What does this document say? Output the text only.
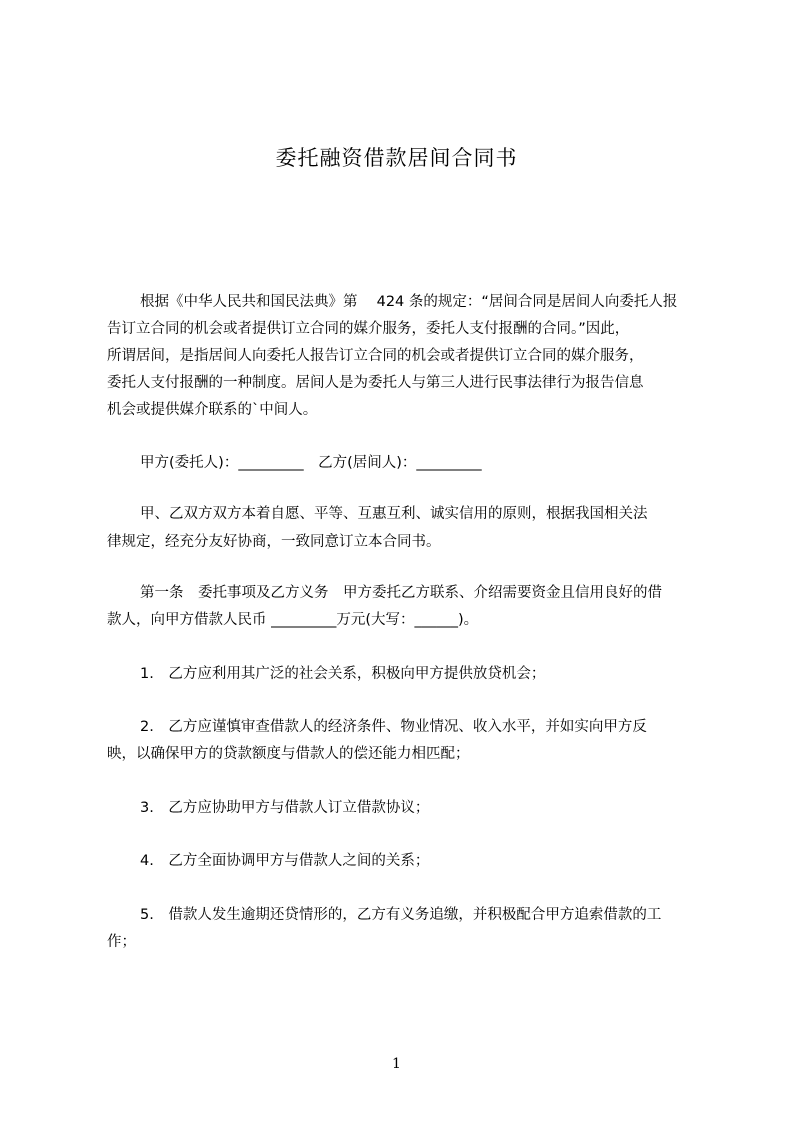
委托融资借款居间合同书
根据《中华人民共和国民法典》第　 424 条的规定：“居间合同是居间人向委托人报
告订立合同的机会或者提供订立合同的媒介服务，委托人支付报酬的合同。”因此，
所谓居间，是指居间人向委托人报告订立合同的机会或者提供订立合同的媒介服务，
委托人支付报酬的一种制度。居间人是为委托人与第三人进行民事法律行为报告信息
机会或提供媒介联系的`中间人。
甲方(委托人)：_________　乙方(居间人)：_________
甲、乙双方双方本着自愿、平等、互惠互利、诚实信用的原则，根据我国相关法
律规定，经充分友好协商，一致同意订立本合同书。
第一条　委托事项及乙方义务　甲方委托乙方联系、介绍需要资金且信用良好的借
款人，向甲方借款人民币 _________万元(大写：______)。
1.　乙方应利用其广泛的社会关系，积极向甲方提供放贷机会；
2.　乙方应谨慎审查借款人的经济条件、物业情况、收入水平，并如实向甲方反
映，以确保甲方的贷款额度与借款人的偿还能力相匹配；
3.　乙方应协助甲方与借款人订立借款协议；
4.　乙方全面协调甲方与借款人之间的关系；
5.　借款人发生逾期还贷情形的，乙方有义务追缴，并积极配合甲方追索借款的工
作；
1
